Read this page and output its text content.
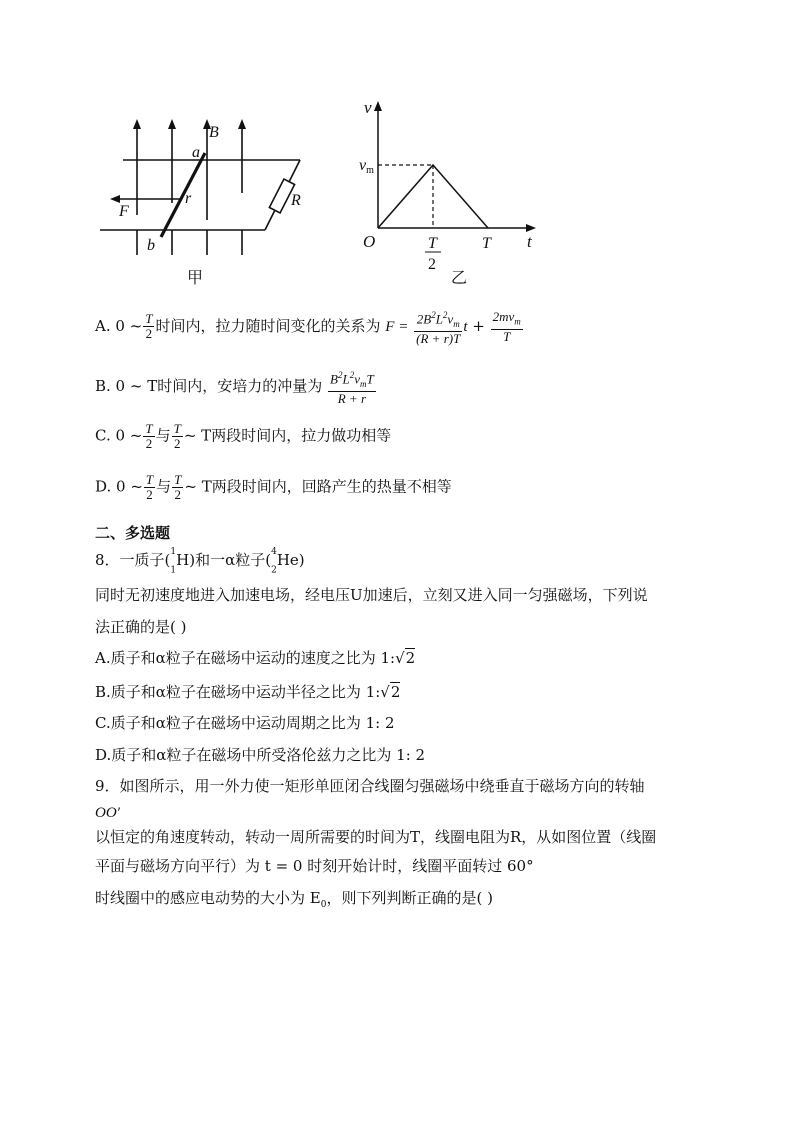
B
a
r
F
b
R
甲
v
vm
O	T
2
T t
乙
A. 0 ~ $\frac{T}{2}$ 时间内，拉力随时间变化的关系为 $F = \frac{2B^2L^2v_m}{(R + r)T}$ $t + \frac{2mv_m}{T}$
B. 0 ~ T时间内，安培力的冲量为 $\frac{B^2L^2v_mT}{R + r}$
C. 0 ~ $\frac{T}{2}$ 与 $\frac{T}{2}$ ~ T两段时间内，拉力做功相等
D. 0 ~ $\frac{T}{2}$ 与 $\frac{T}{2}$ ~ T两段时间内，回路产生的热量不相等
二、多选题
8．一质子($^1$
$_1$H)和一α粒子($^4$
$_2$He)
同时无初速度地进入加速电场，经电压U加速后，立刻又进入同一匀强磁场，下列说
法正确的是( )
A.质子和α粒子在磁场中运动的速度之比为 1:√2
B.质子和α粒子在磁场中运动半径之比为 1:√2
C.质子和α粒子在磁场中运动周期之比为 1: 2
D.质子和α粒子在磁场中所受洛伦兹力之比为 1: 2
9．如图所示，用一外力使一矩形单匝闭合线圈匀强磁场中绕垂直于磁场方向的转轴
OO′
以恒定的角速度转动，转动一周所需要的时间为T，线圈电阻为R，从如图位置（线圈
平面与磁场方向平行）为 t = 0 时刻开始计时，线圈平面转过 60°
时线圈中的感应电动势的大小为 $E_0$，则下列判断正确的是( )
